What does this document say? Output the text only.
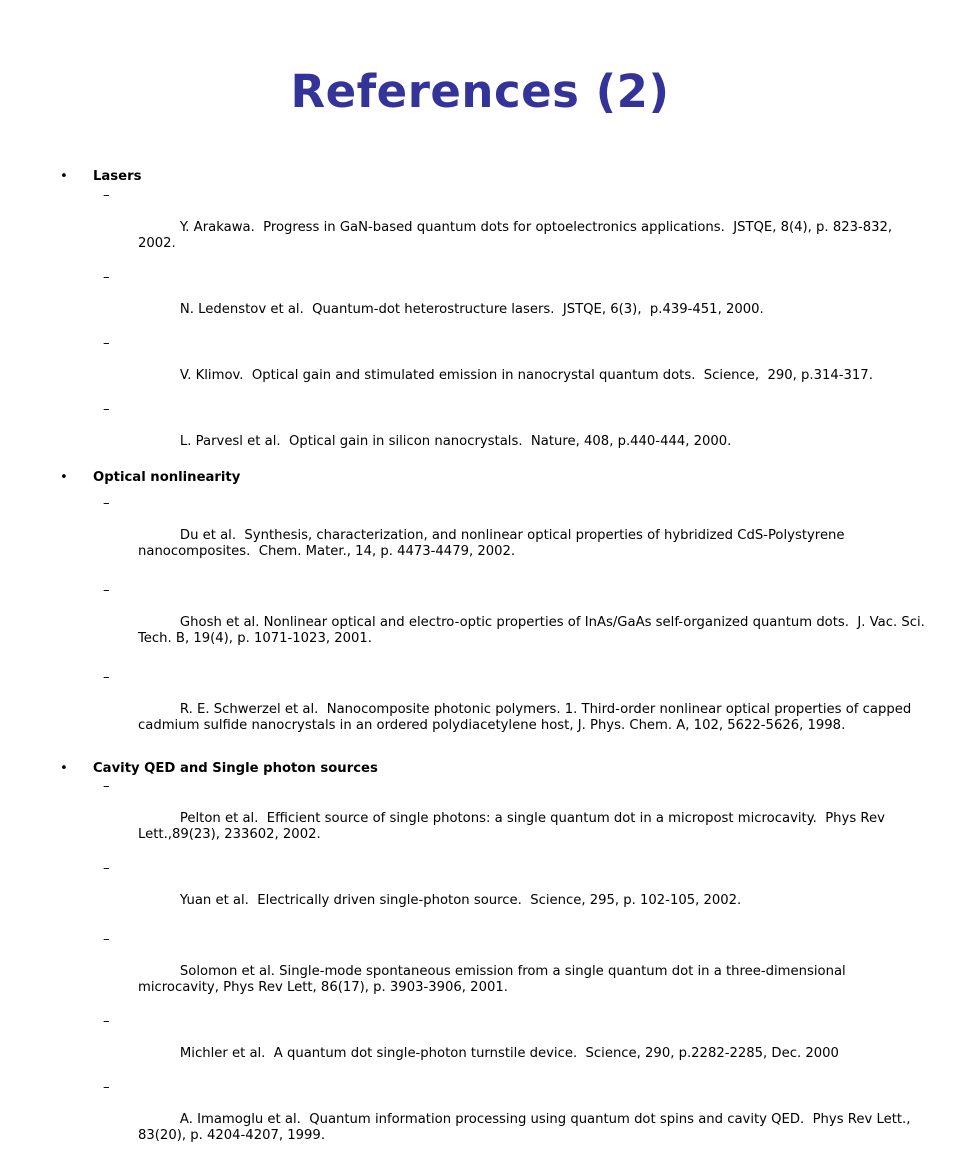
References (2)
• Lasers

–

Y. Arakawa.  Progress in GaN-based quantum dots for optoelectronics applications.  JSTQE, 8(4), p. 823-832, 2002.

–

N. Ledenstov et al.  Quantum-dot heterostructure lasers.  JSTQE, 6(3),  p.439-451, 2000.

–

V. Klimov.  Optical gain and stimulated emission in nanocrystal quantum dots.  Science,  290, p.314-317.

–

L. Parvesl et al.  Optical gain in silicon nanocrystals.  Nature, 408, p.440-444, 2000.

• Optical nonlinearity

–

Du et al.  Synthesis, characterization, and nonlinear optical properties of hybridized CdS-Polystyrene nanocomposites.  Chem. Mater., 14, p. 4473-4479, 2002.

–

Ghosh et al. Nonlinear optical and electro-optic properties of InAs/GaAs self-organized quantum dots.  J. Vac. Sci. Tech. B, 19(4), p. 1071-1023, 2001.

–

R. E. Schwerzel et al.  Nanocomposite photonic polymers. 1. Third-order nonlinear optical properties of capped cadmium sulfide nanocrystals in an ordered polydiacetylene host, J. Phys. Chem. A, 102, 5622-5626, 1998.

• Cavity QED and Single photon sources

–

Pelton et al.  Efficient source of single photons: a single quantum dot in a micropost microcavity.  Phys Rev Lett.,89(23), 233602, 2002.

–

Yuan et al.  Electrically driven single-photon source.  Science, 295, p. 102-105, 2002.

–

Solomon et al. Single-mode spontaneous emission from a single quantum dot in a three-dimensional microcavity, Phys Rev Lett, 86(17), p. 3903-3906, 2001.

–

Michler et al.  A quantum dot single-photon turnstile device.  Science, 290, p.2282-2285, Dec. 2000

–

A. Imamoglu et al.  Quantum information processing using quantum dot spins and cavity QED.  Phys Rev Lett., 83(20), p. 4204-4207, 1999.
